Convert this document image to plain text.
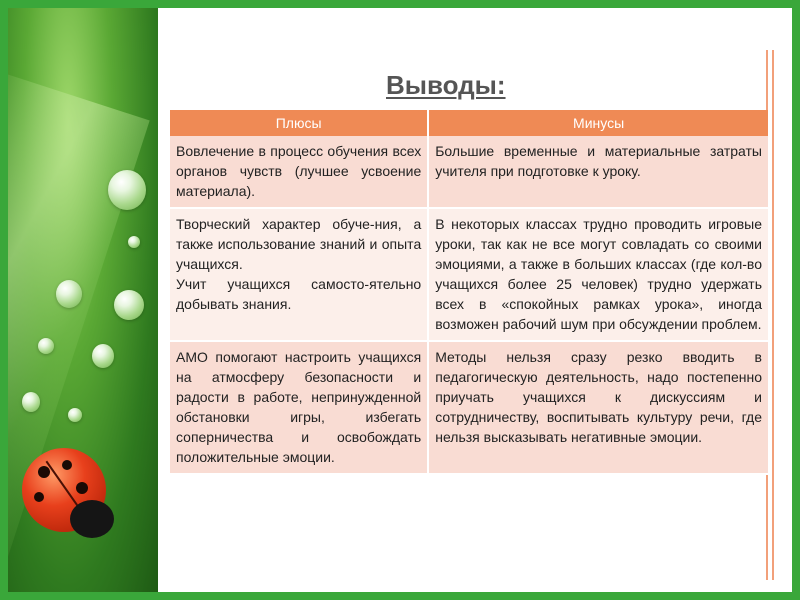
Выводы:
Плюсы	Минусы

Вовлечение в процесс обучения всех органов чувств (лучшее усвоение материала).	Большие временные и материальные затраты учителя при подготовке к уроку.

Творческий характер обуче-ния, а также использование знаний и опыта учащихся.
Учит учащихся самосто-ятельно добывать знания.	В некоторых классах трудно проводить игровые уроки, так как не все могут совладать со своими эмоциями, а также в больших классах (где кол-во учащихся более 25 человек) трудно удержать всех в «спокойных рамках урока», иногда возможен рабочий шум при обсуждении проблем.

АМО помогают настроить учащихся на атмосферу безопасности и радости в работе, непринужденной обстановки игры, избегать соперничества и освобождать положительные эмоции.	Методы нельзя сразу резко вводить в педагогическую деятельность, надо постепенно приучать учащихся к дискуссиям и сотрудничеству, воспитывать культуру речи, где нельзя высказывать негативные эмоции.
